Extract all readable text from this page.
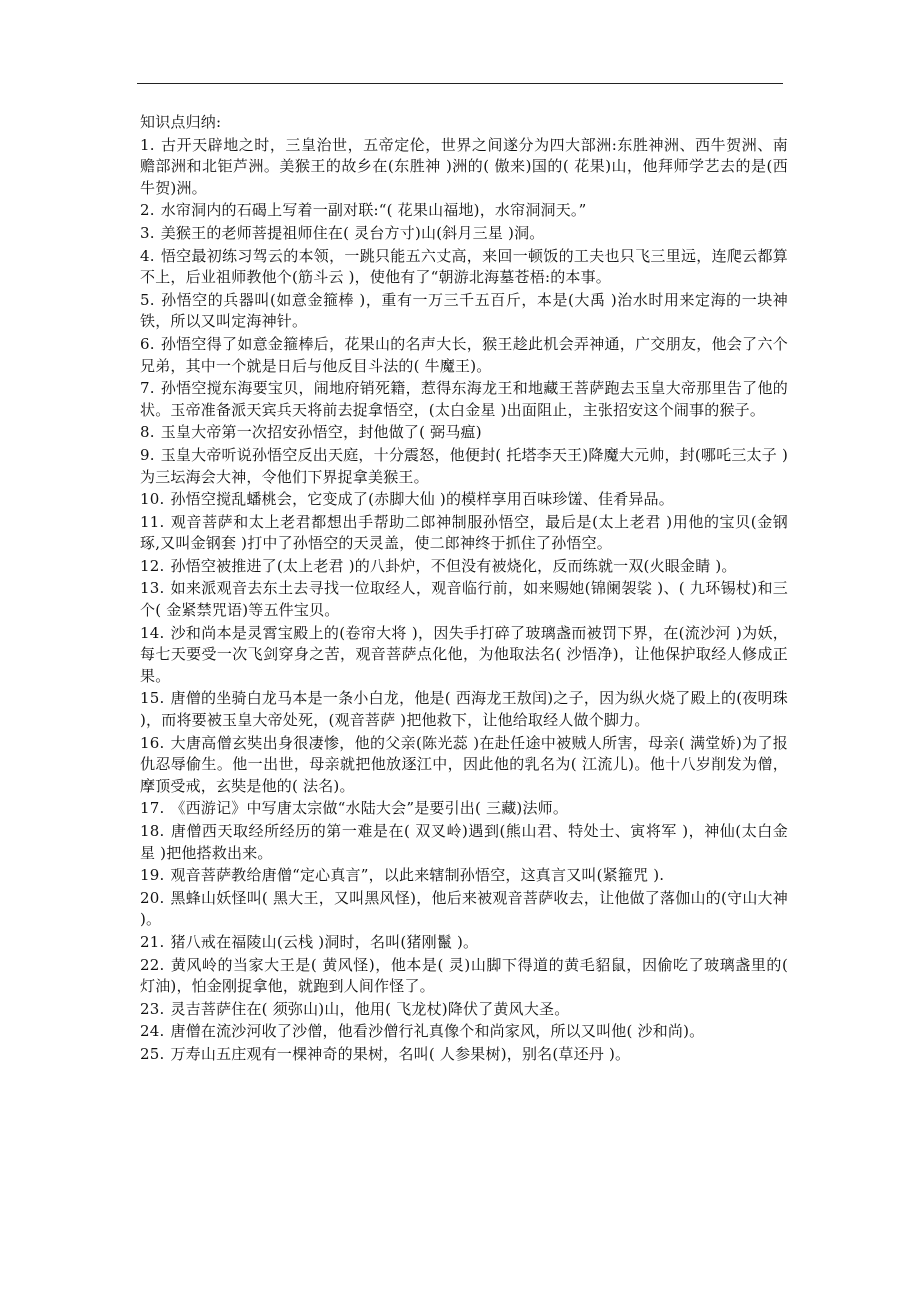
知识点归纳:
1. 古开天辟地之时，三皇治世，五帝定伦，世界之间遂分为四大部洲:东胜神洲、西牛贺洲、南赡部洲和北钜芦洲。美猴王的故乡在(东胜神 )洲的( 傲来)国的( 花果)山，他拜师学艺去的是(西牛贺)洲。
2. 水帘洞内的石碣上写着一副对联:“( 花果山福地)，水帘洞洞天。”
3. 美猴王的老师菩提祖师住在( 灵台方寸)山(斜月三星 )洞。
4. 悟空最初练习驾云的本领，一跳只能五六丈高，来回一顿饭的工夫也只飞三里远，连爬云都算不上，后业祖师教他个(筋斗云 )，使他有了“朝游北海墓苍梧:的本事。
5. 孙悟空的兵器叫(如意金箍棒 )，重有一万三千五百斤，本是(大禹 )治水时用来定海的一块神铁，所以又叫定海神针。
6. 孙悟空得了如意金箍棒后，花果山的名声大长，猴王趁此机会弄神通，广交朋友，他会了六个兄弟，其中一个就是日后与他反目斗法的( 牛魔王)。
7. 孙悟空搅东海要宝贝，闹地府销死籍，惹得东海龙王和地藏王菩萨跑去玉皇大帝那里告了他的状。玉帝准备派天宾兵天将前去捉拿悟空，(太白金星 )出面阻止，主张招安这个闹事的猴子。
8. 玉皇大帝第一次招安孙悟空，封他做了( 弼马瘟)
9. 玉皇大帝听说孙悟空反出天庭，十分震怒，他便封( 托塔李天王)降魔大元帅，封(哪吒三太子 )为三坛海会大神，令他们下界捉拿美猴王。
10. 孙悟空搅乱蟠桃会，它变成了(赤脚大仙 )的模样享用百味珍馐、佳肴异品。
11. 观音菩萨和太上老君都想出手帮助二郎神制服孙悟空，最后是(太上老君 )用他的宝贝(金钢琢,又叫金钢套 )打中了孙悟空的天灵盖，使二郎神终于抓住了孙悟空。
12. 孙悟空被推进了(太上老君 )的八卦炉，不但没有被烧化，反而练就一双(火眼金睛 )。
13. 如来派观音去东土去寻找一位取经人，观音临行前，如来赐她(锦阑袈裟 )、( 九环锡杖)和三个( 金紧禁咒语)等五件宝贝。
14. 沙和尚本是灵霄宝殿上的(卷帘大将 )，因失手打碎了玻璃盏而被罚下界，在(流沙河 )为妖，每七天要受一次飞剑穿身之苦，观音菩萨点化他，为他取法名( 沙悟净)，让他保护取经人修成正果。
15. 唐僧的坐骑白龙马本是一条小白龙，他是( 西海龙王敖闰)之子，因为纵火烧了殿上的(夜明珠 )，而将要被玉皇大帝处死，(观音菩萨 )把他救下，让他给取经人做个脚力。
16. 大唐高僧玄奘出身很凄惨，他的父亲(陈光蕊 )在赴任途中被贼人所害，母亲( 满堂娇)为了报仇忍辱偷生。他一出世，母亲就把他放逐江中，因此他的乳名为( 江流儿)。他十八岁削发为僧，摩顶受戒，玄奘是他的( 法名)。
17. 《西游记》中写唐太宗做“水陆大会”是要引出( 三藏)法师。
18. 唐僧西天取经所经历的第一难是在( 双叉岭)遇到(熊山君、特处士、寅将军 )，神仙(太白金星 )把他搭救出来。
19. 观音菩萨教给唐僧“定心真言”，以此来辖制孙悟空，这真言又叫(紧箍咒 ).
20. 黑蜂山妖怪叫( 黑大王，又叫黑风怪)，他后来被观音菩萨收去，让他做了落伽山的(守山大神 )。
21. 猪八戒在福陵山(云栈 )洞时，名叫(猪刚鬣 )。
22. 黄风岭的当家大王是( 黄风怪)，他本是( 灵)山脚下得道的黄毛貂鼠，因偷吃了玻璃盏里的( 灯油)，怕金刚捉拿他，就跑到人间作怪了。
23. 灵吉菩萨住在( 须弥山)山，他用( 飞龙杖)降伏了黄风大圣。
24. 唐僧在流沙河收了沙僧，他看沙僧行礼真像个和尚家风，所以又叫他( 沙和尚)。
25. 万寿山五庄观有一棵神奇的果树，名叫( 人参果树)，别名(草还丹 )。
